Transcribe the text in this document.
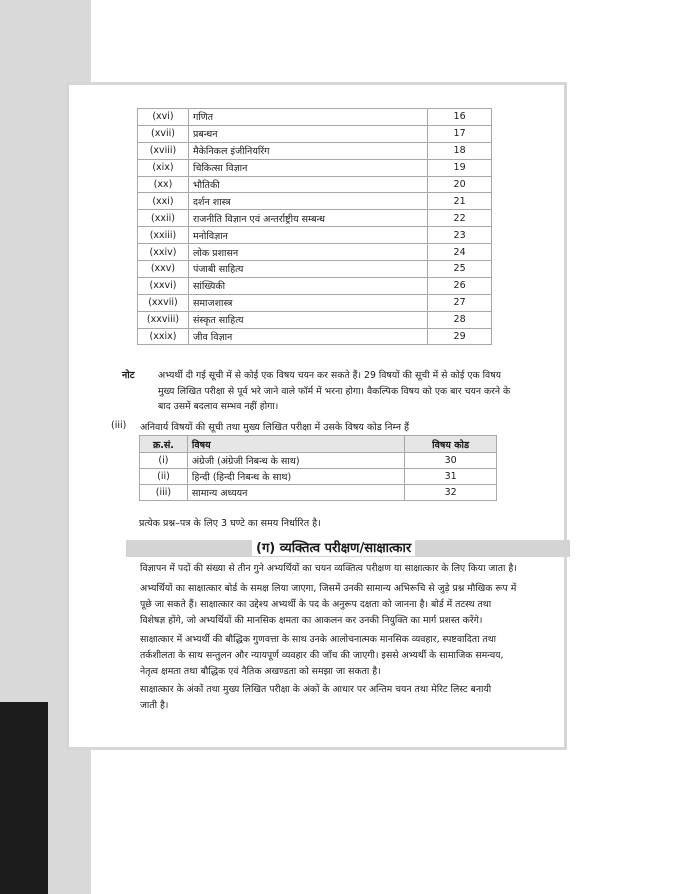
(xvi)	गणित	16
(xvii)	प्रबन्धन	17
(xviii)	मैकेनिकल इंजीनियरिंग	18
(xix)	चिकित्सा विज्ञान	19
(xx)	भौतिकी	20
(xxi)	दर्शन शास्त्र	21
(xxii)	राजनीति विज्ञान एवं अन्तर्राष्ट्रीय सम्बन्ध	22
(xxiii)	मनोविज्ञान	23
(xxiv)	लोक प्रशासन	24
(xxv)	पंजाबी साहित्य	25
(xxvi)	सांख्यिकी	26
(xxvii)	समाजशास्त्र	27
(xxviii)	संस्कृत साहित्य	28
(xxix)	जीव विज्ञान	29
नोट	अभ्यर्थी दी गई सूची में से कोई एक विषय चयन कर सकते हैं। 29 विषयों की सूची में से कोई एक विषय
मुख्य लिखित परीक्षा से पूर्व भरे जाने वाले फॉर्म में भरना होगा। वैकल्पिक विषय को एक बार चयन करने के
बाद उसमें बदलाव सम्भव नहीं होगा।
(iii) अनिवार्य विषयों की सूची तथा मुख्य लिखित परीक्षा में उसके विषय कोड निम्न हैं
क्र.सं.	विषय	विषय कोड
(i)	अंग्रेजी (अंग्रेजी निबन्ध के साथ)	30
(ii)	हिन्दी (हिन्दी निबन्ध के साथ)	31
(iii)	सामान्य अध्ययन	32
प्रत्येक प्रश्न–पत्र के लिए 3 घण्टे का समय निर्धारित है।
(ग) व्यक्तित्व परीक्षण/साक्षात्कार
विज्ञापन में पदों की संख्या से तीन गुने अभ्यर्थियों का चयन व्यक्तित्व परीक्षण या साक्षात्कार के लिए किया जाता है।
अभ्यर्थियों का साक्षात्कार बोर्ड के समक्ष लिया जाएगा, जिसमें उनकी सामान्य अभिरूचि से जुड़े प्रश्न मौखिक रूप में
पूछे जा सकते हैं। साक्षात्कार का उद्देश्य अभ्यर्थी के पद के अनुरूप दक्षता को जानना है। बोर्ड में तटस्थ तथा
विशेषज्ञ होंगे, जो अभ्यर्थियों की मानसिक क्षमता का आकलन कर उनकी नियुक्ति का मार्ग प्रशस्त करेंगे।
साक्षात्कार में अभ्यर्थी की बौद्धिक गुणवत्ता के साथ उनके आलोचनात्मक मानसिक व्यवहार, स्पष्टवादिता तथा
तर्कशीलता के साथ सन्तुलन और न्यायपूर्ण व्यवहार की जाँच की जाएगी। इससे अभ्यर्थी के सामाजिक समन्वय,
नेतृत्व क्षमता तथा बौद्धिक एवं नैतिक अखण्डता को समझा जा सकता है।
साक्षात्कार के अंकों तथा मुख्य लिखित परीक्षा के अंकों के आधार पर अन्तिम चयन तथा मेरिट लिस्ट बनायी
जाती है।
